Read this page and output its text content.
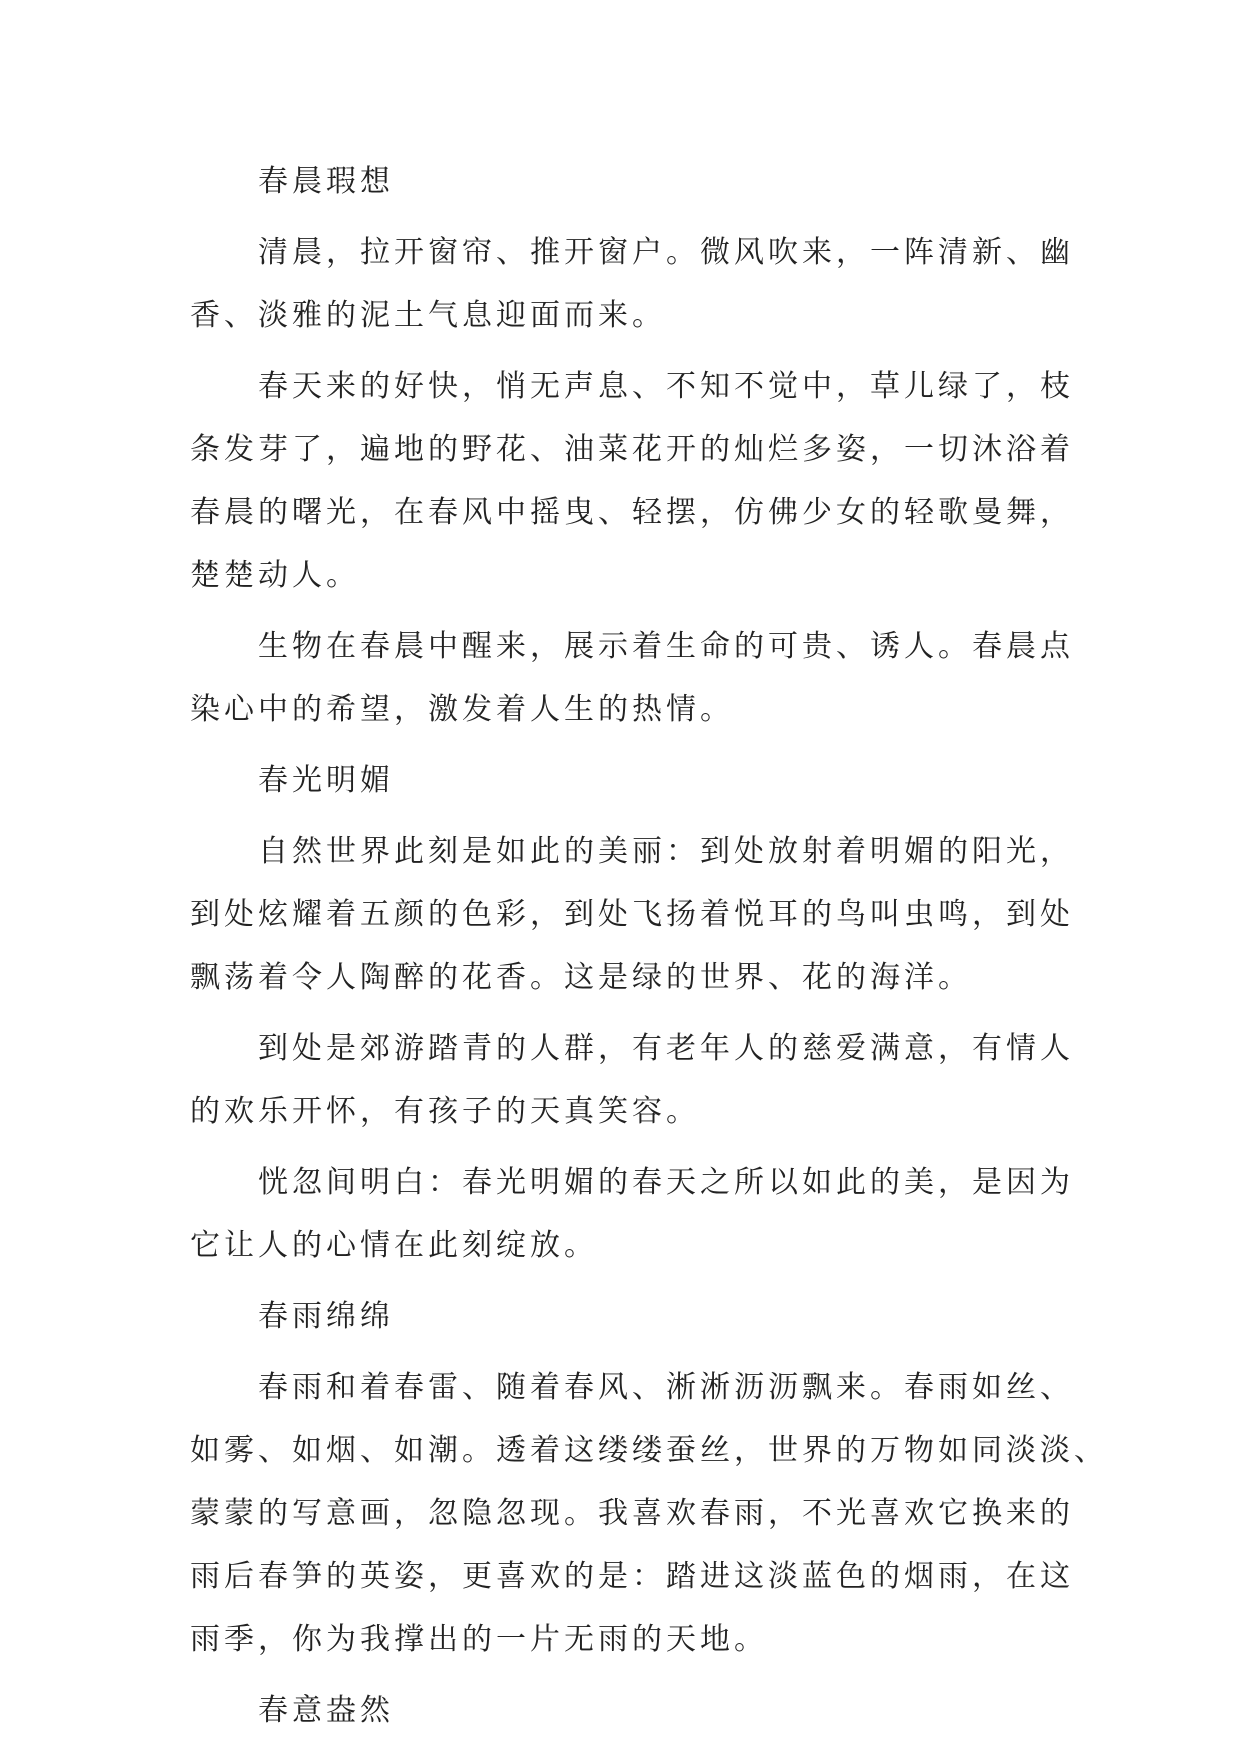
春晨瑕想
清晨，拉开窗帘、推开窗户。微风吹来，一阵清新、幽
香、淡雅的泥土气息迎面而来。
春天来的好快，悄无声息、不知不觉中，草儿绿了，枝
条发芽了，遍地的野花、油菜花开的灿烂多姿，一切沐浴着
春晨的曙光，在春风中摇曳、轻摆，仿佛少女的轻歌曼舞，
楚楚动人。
生物在春晨中醒来，展示着生命的可贵、诱人。春晨点
染心中的希望，激发着人生的热情。
春光明媚
自然世界此刻是如此的美丽：到处放射着明媚的阳光，
到处炫耀着五颜的色彩，到处飞扬着悦耳的鸟叫虫鸣，到处
飘荡着令人陶醉的花香。这是绿的世界、花的海洋。
到处是郊游踏青的人群，有老年人的慈爱满意，有情人
的欢乐开怀，有孩子的天真笑容。
恍忽间明白：春光明媚的春天之所以如此的美，是因为
它让人的心情在此刻绽放。
春雨绵绵
春雨和着春雷、随着春风、淅淅沥沥飘来。春雨如丝、
如雾、如烟、如潮。透着这缕缕蚕丝，世界的万物如同淡淡、
蒙蒙的写意画，忽隐忽现。我喜欢春雨，不光喜欢它换来的
雨后春笋的英姿，更喜欢的是：踏进这淡蓝色的烟雨，在这
雨季，你为我撑出的一片无雨的天地。
春意盎然
